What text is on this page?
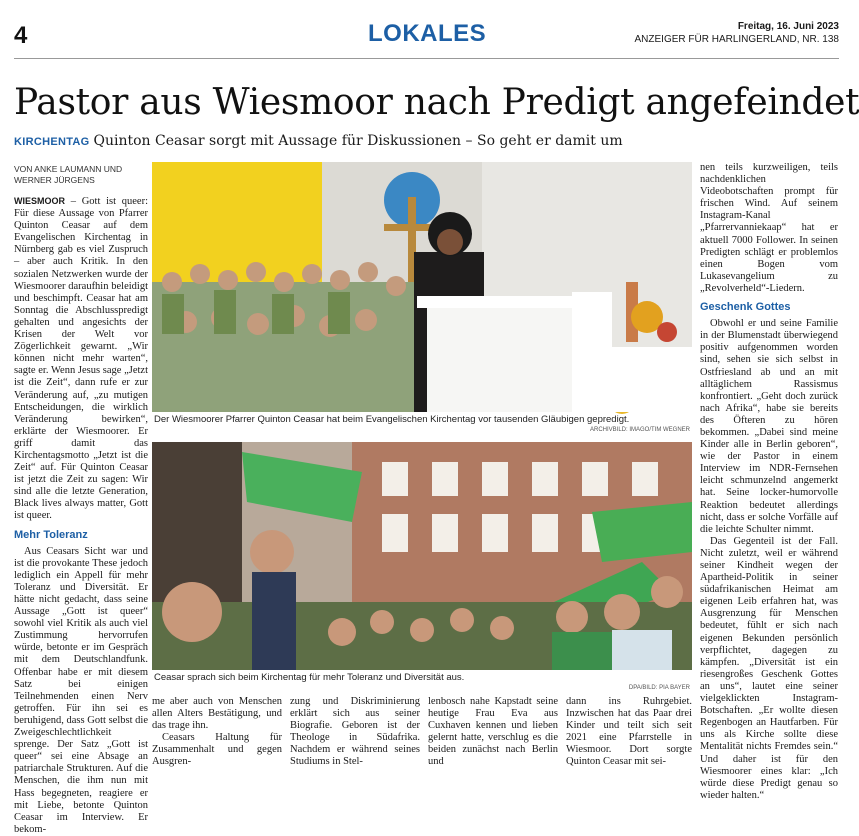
4	LOKALES	Freitag, 16. Juni 2023
ANZEIGER FÜR HARLINGERLAND, NR. 138
Pastor aus Wiesmoor nach Predigt angefeindet
KIRCHENTAG Quinton Ceasar sorgt mit Aussage für Diskussionen – So geht er damit um
VON ANKE LAUMANN UND
WERNER JÜRGENS

WIESMOOR – Gott ist queer: Für diese Aussage von Pfarrer Quinton Ceasar auf dem Evangelischen Kirchentag in Nürnberg gab es viel Zuspruch – aber auch Kritik. In den sozialen Netzwerken wurde der Wiesmoorer daraufhin beleidigt und beschimpft. Ceasar hat am Sonntag die Abschlusspredigt gehalten und angesichts der Krisen der Welt vor Zögerlichkeit gewarnt. „Wir können nicht mehr warten“, sagte er. Wenn Jesus sage „Jetzt ist die Zeit“, dann rufe er zur Veränderung auf, „zu mutigen Entscheidungen, die wirklich Veränderung bewirken“, erklärte der Wiesmoorer. Er griff damit das Kirchentagsmotto „Jetzt ist die Zeit“ auf. Für Quinton Ceasar ist jetzt die Zeit zu sagen: Wir sind alle die letzte Generation, Black lives always matter, Gott ist queer.

Mehr Toleranz

Aus Ceasars Sicht war und ist die provokante These jedoch lediglich ein Appell für mehr Toleranz und Diversität. Er hätte nicht gedacht, dass seine Aussage „Gott ist queer“ sowohl viel Kritik als auch viel Zustimmung hervorrufen würde, betonte er im Gespräch mit dem Deutschlandfunk. Offenbar habe er mit diesem Satz bei einigen Teilnehmenden einen Nerv getroffen. Für ihn sei es beruhigend, dass Gott selbst die Zweigeschlechtlichkeit sprenge. Der Satz „Gott ist queer“ sei eine Absage an patriarchale Strukturen. Auf die Menschen, die ihm nun mit Hass begegneten, reagiere er mit Liebe, betonte Quinton Ceasar im Interview. Er bekom-

Der Wiesmoorer Pfarrer Quinton Ceasar hat beim Evangelischen Kirchentag vor tausenden Gläubigen gepredigt.
ARCHIVBILD: IMAGO/TIM WEGNER
Ceasar sprach sich beim Kirchentag für mehr Toleranz und Diversität aus.
DPA/BILD: PIA BAYER

me aber auch von Menschen allen Alters Bestätigung, und das trage ihn.

Ceasars Haltung für Zusammenhalt und gegen Ausgren-

zung und Diskriminierung erklärt sich aus seiner Biografie. Geboren ist der Theologe in Südafrika. Nachdem er während seines Studiums in Stel-

lenbosch nahe Kapstadt seine heutige Frau Eva aus Cuxhaven kennen und lieben gelernt hatte, verschlug es die beiden zunächst nach Berlin und

dann ins Ruhrgebiet. Inzwischen hat das Paar drei Kinder und teilt sich seit 2021 eine Pfarrstelle in Wiesmoor. Dort sorgte Quinton Ceasar mit sei-

nen teils kurzweiligen, teils nachdenklichen Videobotschaften prompt für frischen Wind. Auf seinem Instagram-Kanal „Pfarrervanniekaap“ hat er aktuell 7000 Follower. In seinen Predigten schlägt er problemlos einen Bogen vom Lukasevangelium zu „Revolverheld“-Liedern.

Geschenk Gottes

Obwohl er und seine Familie in der Blumenstadt überwiegend positiv aufgenommen worden sind, sehen sie sich selbst in Ostfriesland ab und an mit alltäglichem Rassismus konfrontiert. „Geht doch zurück nach Afrika“, habe sie bereits des Öfteren zu hören bekommen. „Dabei sind meine Kinder alle in Berlin geboren“, wie der Pastor in einem Interview im NDR-Fernsehen leicht schmunzelnd angemerkt hat. Seine locker-humorvolle Reaktion bedeutet allerdings nicht, dass er solche Vorfälle auf die leichte Schulter nimmt.

Das Gegenteil ist der Fall. Nicht zuletzt, weil er während seiner Kindheit wegen der Apartheid-Politik in seiner südafrikanischen Heimat am eigenen Leib erfahren hat, was Ausgrenzung für Menschen bedeutet, fühlt er sich nach eigenen Bekunden persönlich verpflichtet, dagegen zu kämpfen. „Diversität ist ein riesengroßes Geschenk Gottes an uns“, lautet eine seiner vielgeklickten Instagram-Botschaften. „Er wollte diesen Regenbogen an Hautfarben. Für uns als Kirche sollte diese Mentalität nichts Fremdes sein.“ Und daher ist für den Wiesmoorer eines klar: „Ich würde diese Predigt genau so wieder halten.“
